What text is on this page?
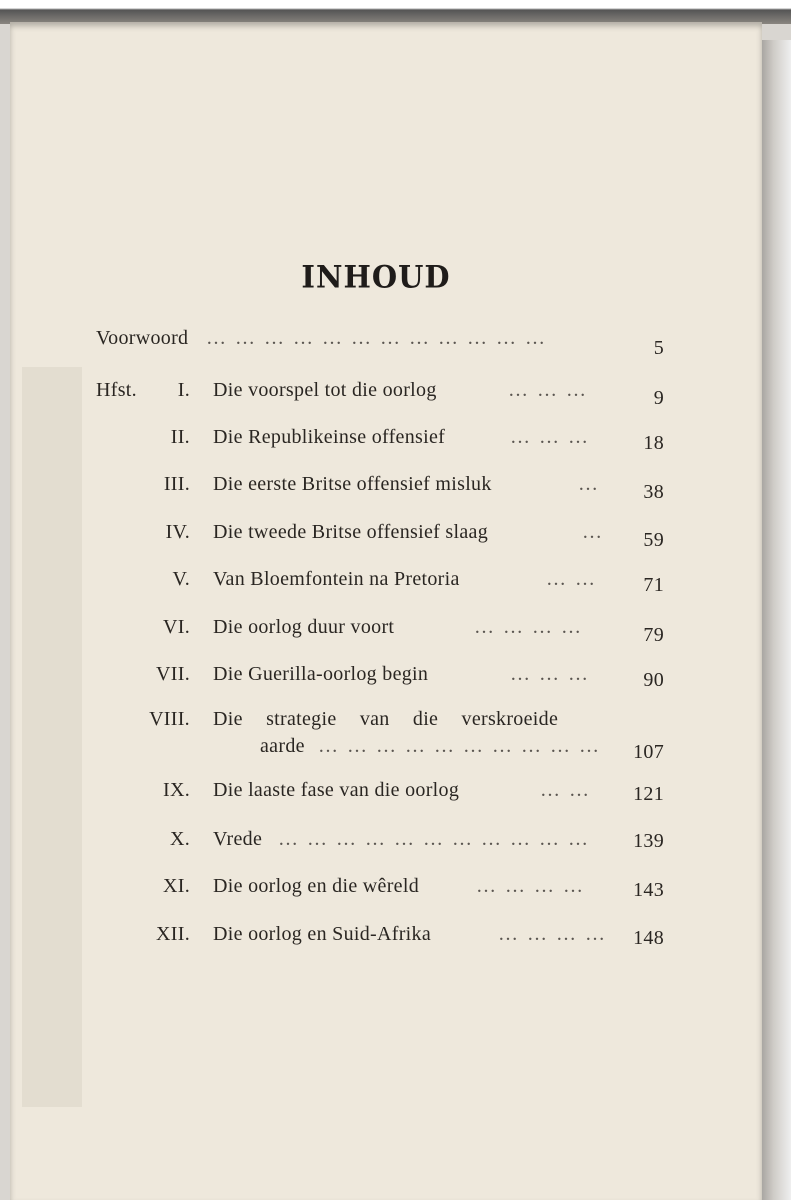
INHOUD
Voorwoord … … … … … … … … … … … …	5
Hfst. I. Die voorspel tot die oorlog	… … …	9
II. Die Republikeinse offensief	… … …	18
III. Die eerste Britse offensief misluk	…	38
IV. Die tweede Britse offensief slaag	…	59
V. Van Bloemfontein na Pretoria	… …	71
VI. Die oorlog duur voort	… … … …	79
VII. Die Guerilla-oorlog begin	… … …	90
VIII. Die strategie van die verskroeide
aarde … … … … … … … … … …	107
IX. Die laaste fase van die oorlog	… …	121
X. Vrede … … … … … … … … … … …	139
XI. Die oorlog en die wêreld	… … … …	143
XII. Die oorlog en Suid-Afrika	… … … …	148
